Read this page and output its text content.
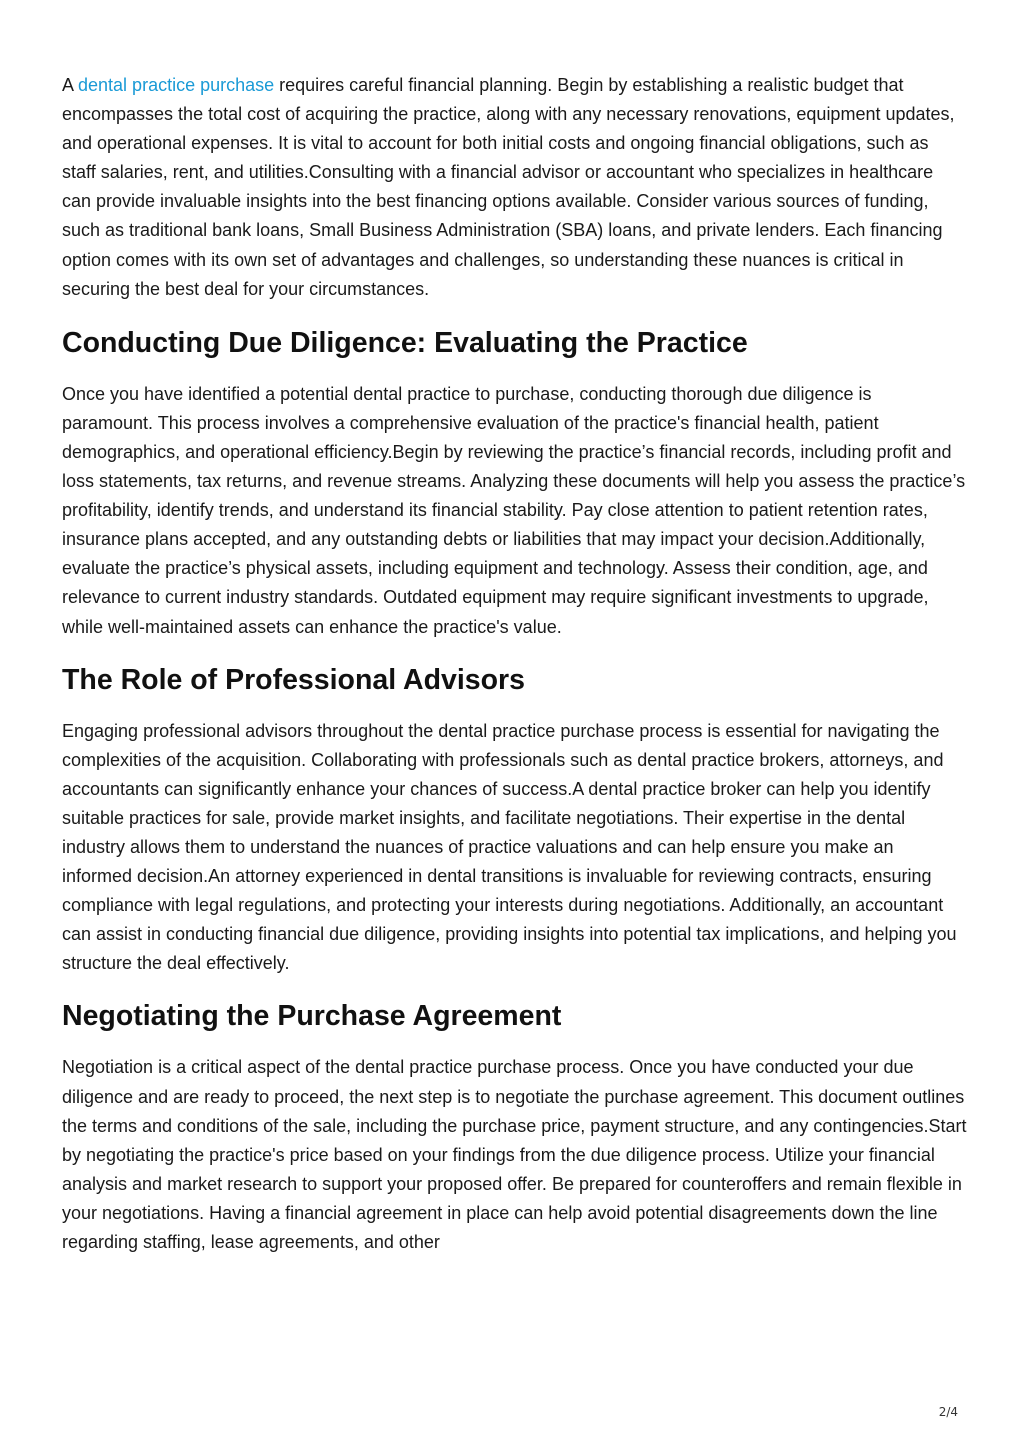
A dental practice purchase requires careful financial planning. Begin by establishing a realistic budget that encompasses the total cost of acquiring the practice, along with any necessary renovations, equipment updates, and operational expenses. It is vital to account for both initial costs and ongoing financial obligations, such as staff salaries, rent, and utilities.Consulting with a financial advisor or accountant who specializes in healthcare can provide invaluable insights into the best financing options available. Consider various sources of funding, such as traditional bank loans, Small Business Administration (SBA) loans, and private lenders. Each financing option comes with its own set of advantages and challenges, so understanding these nuances is critical in securing the best deal for your circumstances.

Conducting Due Diligence: Evaluating the Practice

Once you have identified a potential dental practice to purchase, conducting thorough due diligence is paramount. This process involves a comprehensive evaluation of the practice's financial health, patient demographics, and operational efficiency.Begin by reviewing the practice’s financial records, including profit and loss statements, tax returns, and revenue streams. Analyzing these documents will help you assess the practice’s profitability, identify trends, and understand its financial stability. Pay close attention to patient retention rates, insurance plans accepted, and any outstanding debts or liabilities that may impact your decision.Additionally, evaluate the practice’s physical assets, including equipment and technology. Assess their condition, age, and relevance to current industry standards. Outdated equipment may require significant investments to upgrade, while well-maintained assets can enhance the practice's value.

The Role of Professional Advisors

Engaging professional advisors throughout the dental practice purchase process is essential for navigating the complexities of the acquisition. Collaborating with professionals such as dental practice brokers, attorneys, and accountants can significantly enhance your chances of success.A dental practice broker can help you identify suitable practices for sale, provide market insights, and facilitate negotiations. Their expertise in the dental industry allows them to understand the nuances of practice valuations and can help ensure you make an informed decision.An attorney experienced in dental transitions is invaluable for reviewing contracts, ensuring compliance with legal regulations, and protecting your interests during negotiations. Additionally, an accountant can assist in conducting financial due diligence, providing insights into potential tax implications, and helping you structure the deal effectively.

Negotiating the Purchase Agreement

Negotiation is a critical aspect of the dental practice purchase process. Once you have conducted your due diligence and are ready to proceed, the next step is to negotiate the purchase agreement. This document outlines the terms and conditions of the sale, including the purchase price, payment structure, and any contingencies.Start by negotiating the practice's price based on your findings from the due diligence process. Utilize your financial analysis and market research to support your proposed offer. Be prepared for counteroffers and remain flexible in your negotiations. Having a financial agreement in place can help avoid potential disagreements down the line regarding staffing, lease agreements, and other

2/4
